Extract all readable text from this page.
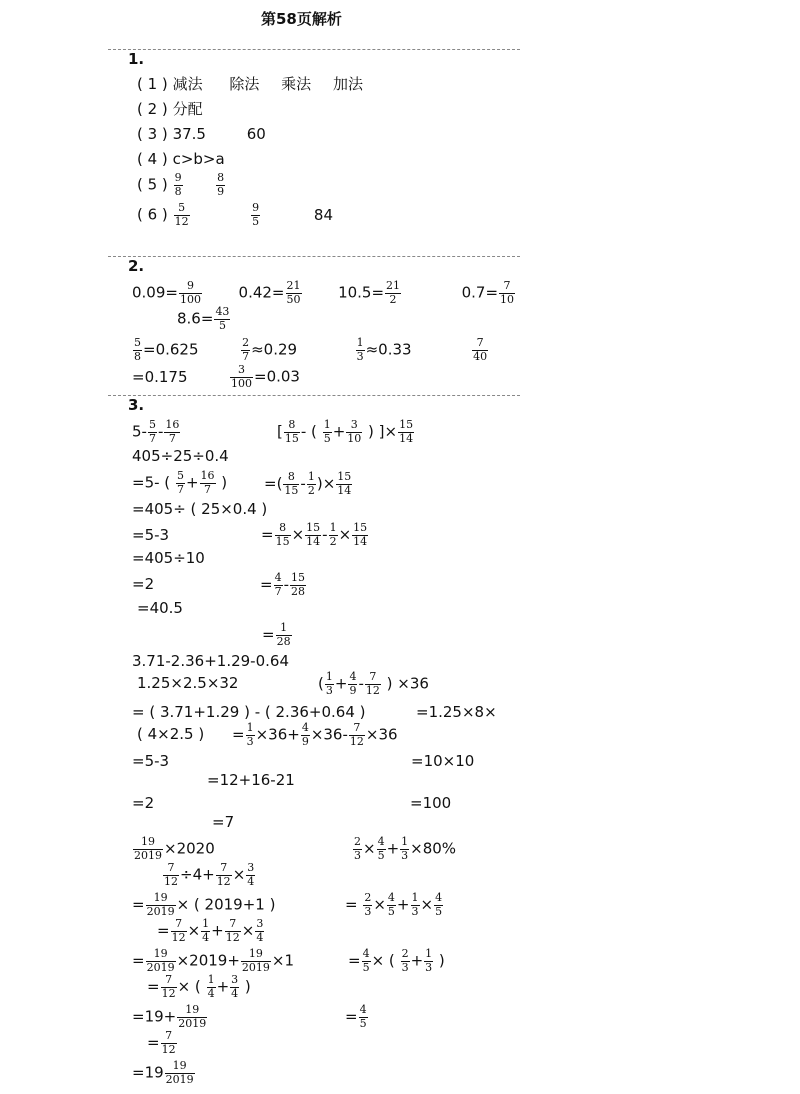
第58页解析
1.
( 1 ) 减法 除法 乘法 加法
( 2 ) 分配
( 3 ) 37.5	60
( 4 ) c>b>a
( 5 ) $\frac{9}{8}$
	$\frac{8}{9}$
( 6 ) $\frac{5}{12}$
	$\frac{9}{5}$	84
2.
$0.09= \frac{9}{100} 0.42= \frac{21}{50} 10.5= \frac{21}{2}$	$0.7= \frac{7}{10}$
$8.6= \frac{43}{5}$
$\frac{5}{8} =0.625$	$\frac{2}{7} \approx 0.29$	$\frac{1}{3} \approx 0.33$	$\frac{7}{40}$
=0.175	$\frac{3}{100} =0.03$
3.
$5- \frac{5}{7} - \frac{16}{7}$	[ $\frac{8}{15}$ - ( $\frac{1}{5} + \frac{3}{10}$ ) ]× $\frac{15}{14}$
405÷25÷0.4
=5- ( $\frac{5}{7} + \frac{16}{7}$ ) =( $\frac{8}{15} - \frac{1}{2}$ )× $\frac{15}{14}$
=405÷ ( 25×0.4 )
=5-3	= $\frac{8}{15} \times \frac{15}{14} - \frac{1}{2} \times \frac{15}{14}$
=405÷10
=2	= $\frac{4}{7} - \frac{15}{28}$
=40.5
= $\frac{1}{28}$
3.71-2.36+1.29-0.64
1.25×2.5×32	( $\frac{1}{3} + \frac{4}{9} - \frac{7}{12}$ ) ×36
= ( 3.71+1.29 ) - ( 2.36+0.64 )	=1.25×8×
( 4×2.5 ) = $\frac{1}{3} \times 36+ \frac{4}{9} \times 36- \frac{7}{12} \times 36$
=5-3	=10×10
=12+16-21
=2	=100
=7
$\frac{19}{2019} \times 2020$	$\frac{2}{3} \times \frac{4}{5} + \frac{1}{3} \times 80\%$
$\frac{7}{12} \div 4+ \frac{7}{12} \times \frac{3}{4}$
= $\frac{19}{2019}$ × ( 2019+1 )	= $\frac{2}{3} \times \frac{4}{5} + \frac{1}{3} \times \frac{4}{5}$
= $\frac{7}{12} \times \frac{1}{4} + \frac{7}{12} \times \frac{3}{4}$
= $\frac{19}{2019} \times 2019+ \frac{19}{2019} \times 1$	= $\frac{4}{5}$ × ( $\frac{2}{3} + \frac{1}{3}$ )
= $\frac{7}{12}$ × ( $\frac{1}{4} + \frac{3}{4}$ )
$=19+ \frac{19}{2019}$	= $\frac{4}{5}$
= $\frac{7}{12}$
$=19 \frac{19}{2019}$
